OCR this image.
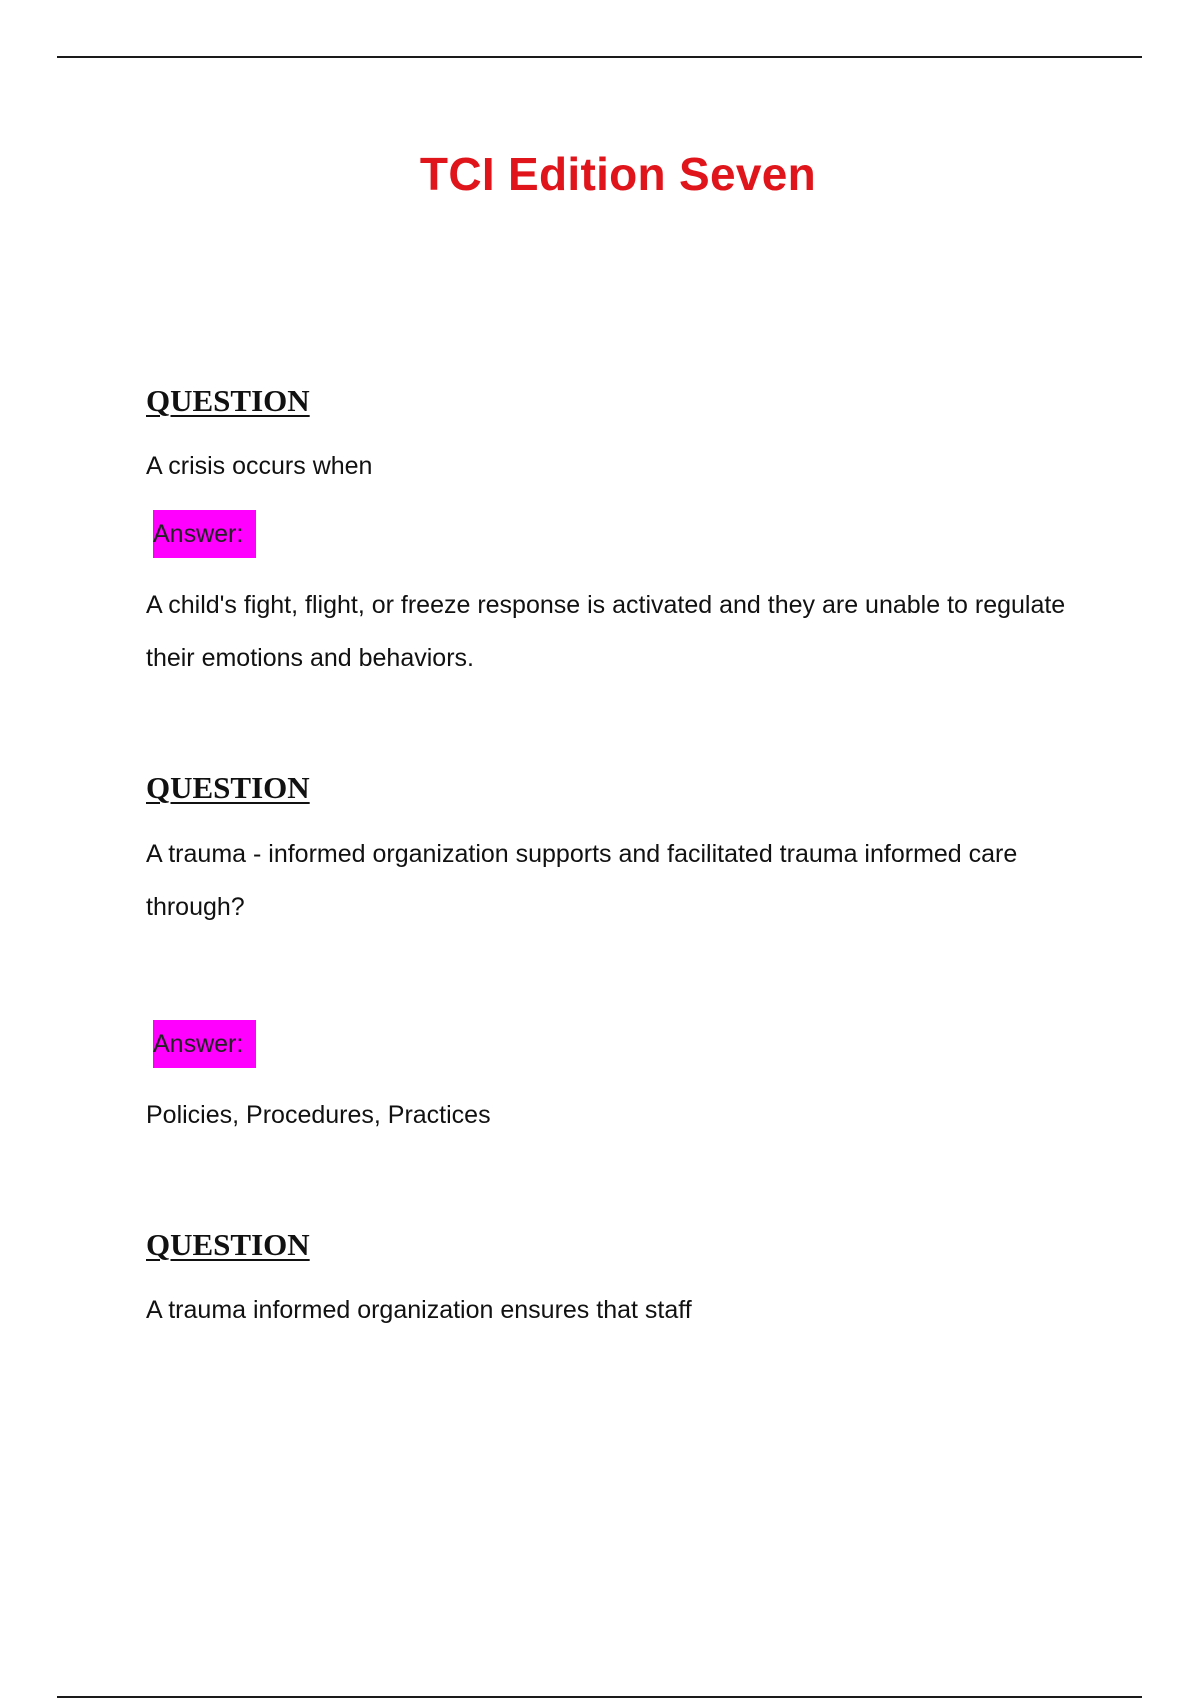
TCI Edition Seven
QUESTION
A crisis occurs when
Answer:
A child's fight, flight, or freeze response is activated and they are unable to regulate their emotions and behaviors.
QUESTION
A trauma - informed organization supports and facilitated trauma informed care through?
Answer:
Policies, Procedures, Practices
QUESTION
A trauma informed organization ensures that staff
